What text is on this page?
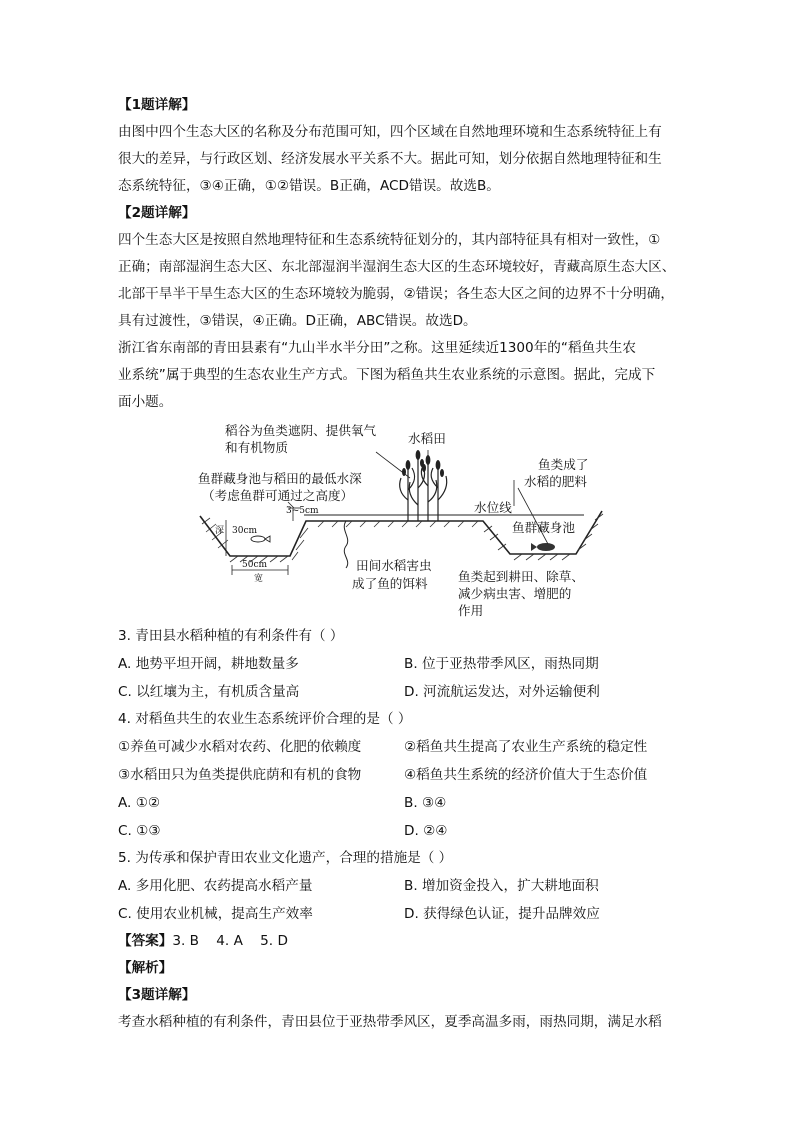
【1题详解】
由图中四个生态大区的名称及分布范围可知，四个区域在自然地理环境和生态系统特征上有
很大的差异，与行政区划、经济发展水平关系不大。据此可知，划分依据自然地理特征和生
态系统特征，③④正确，①②错误。B正确，ACD错误。故选B。
【2题详解】
四个生态大区是按照自然地理特征和生态系统特征划分的，其内部特征具有相对一致性，①
正确；南部湿润生态大区、东北部湿润半湿润生态大区的生态环境较好，青藏高原生态大区、
北部干旱半干旱生态大区的生态环境较为脆弱，②错误；各生态大区之间的边界不十分明确，
具有过渡性，③错误，④正确。D正确，ABC错误。故选D。
浙江省东南部的青田县素有“九山半水半分田”之称。这里延续近1300年的“稻鱼共生农
业系统”属于典型的生态农业生产方式。下图为稻鱼共生农业系统的示意图。据此，完成下
面小题。
稻谷为鱼类遮阴、提供氧气
和有机物质
水稻田
鱼类成了
水稻的肥料
鱼群藏身池与稻田的最低水深
（考虑鱼群可通过之高度）
3~5cm	水位线
鱼群藏身池
深 30cm
50cm
宽
田间水稻害虫
成了鱼的饵料 鱼类起到耕田、除草、
减少病虫害、增肥的
作用
3. 青田县水稻种植的有利条件有（ ）
A. 地势平坦开阔，耕地数量多	B. 位于亚热带季风区，雨热同期
C. 以红壤为主，有机质含量高	D. 河流航运发达，对外运输便利
4. 对稻鱼共生的农业生态系统评价合理的是（ ）
①养鱼可减少水稻对农药、化肥的依赖度	②稻鱼共生提高了农业生产系统的稳定性
③水稻田只为鱼类提供庇荫和有机的食物	④稻鱼共生系统的经济价值大于生态价值
A. ①②	B. ③④
C. ①③	D. ②④
5. 为传承和保护青田农业文化遗产，合理的措施是（ ）
A. 多用化肥、农药提高水稻产量	B. 增加资金投入，扩大耕地面积
C. 使用农业机械，提高生产效率	D. 获得绿色认证，提升品牌效应
【答案】3. B    4. A    5. D
【解析】
【3题详解】
考查水稻种植的有利条件，青田县位于亚热带季风区，夏季高温多雨，雨热同期，满足水稻
